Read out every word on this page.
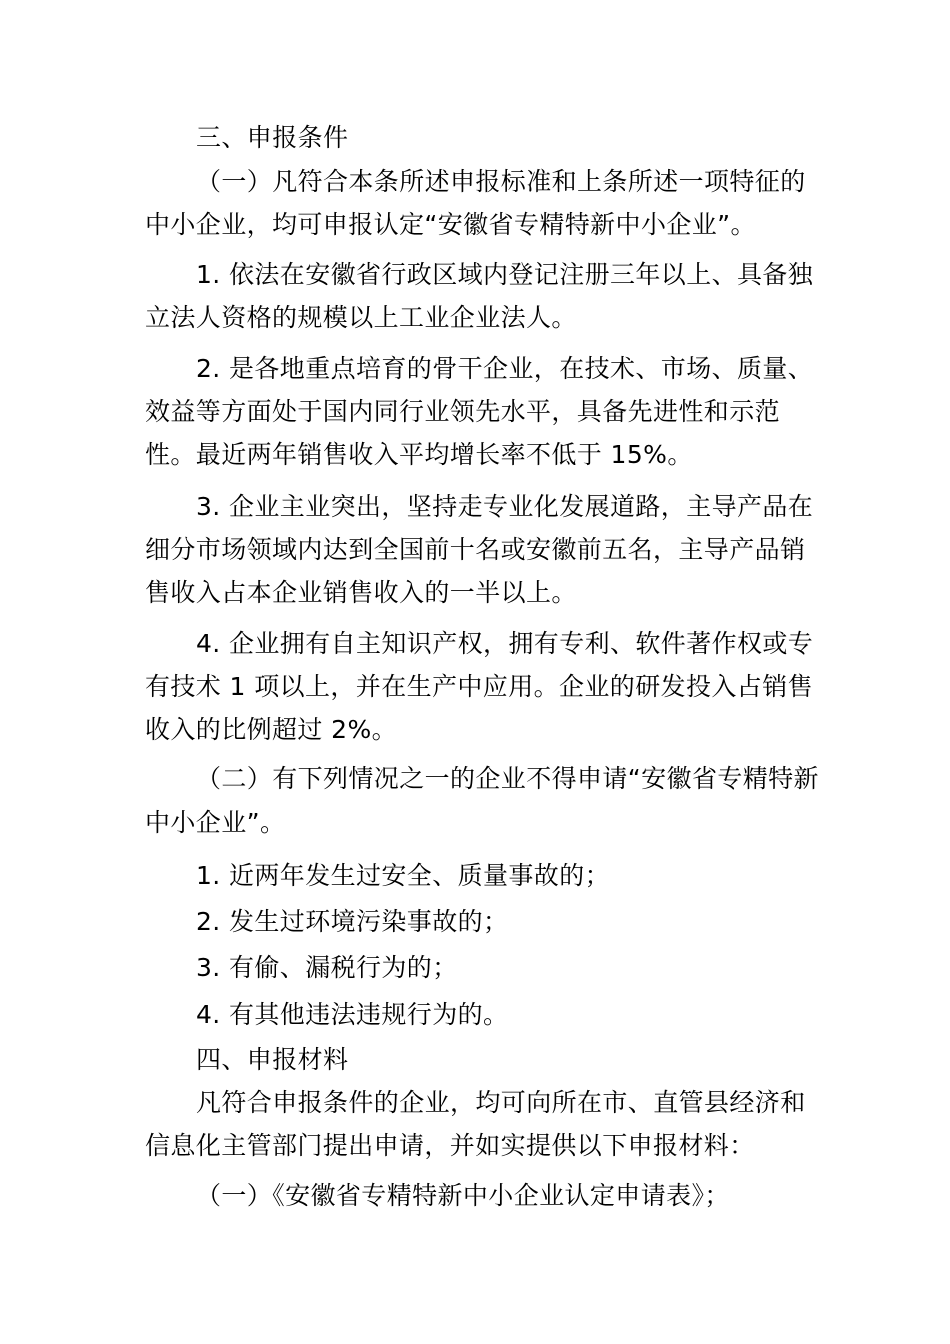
三、申报条件
（一）凡符合本条所述申报标准和上条所述一项特征的
中小企业，均可申报认定“安徽省专精特新中小企业”。
1. 依法在安徽省行政区域内登记注册三年以上、具备独
立法人资格的规模以上工业企业法人。
2. 是各地重点培育的骨干企业，在技术、市场、质量、
效益等方面处于国内同行业领先水平，具备先进性和示范
性。最近两年销售收入平均增长率不低于 15%。
3. 企业主业突出，坚持走专业化发展道路，主导产品在
细分市场领域内达到全国前十名或安徽前五名，主导产品销
售收入占本企业销售收入的一半以上。
4. 企业拥有自主知识产权，拥有专利、软件著作权或专
有技术 1 项以上，并在生产中应用。企业的研发投入占销售
收入的比例超过 2%。
（二）有下列情况之一的企业不得申请“安徽省专精特新
中小企业”。
1. 近两年发生过安全、质量事故的；
2. 发生过环境污染事故的；
3. 有偷、漏税行为的；
4. 有其他违法违规行为的。
四、申报材料
凡符合申报条件的企业，均可向所在市、直管县经济和
信息化主管部门提出申请，并如实提供以下申报材料：
（一）《安徽省专精特新中小企业认定申请表》；
